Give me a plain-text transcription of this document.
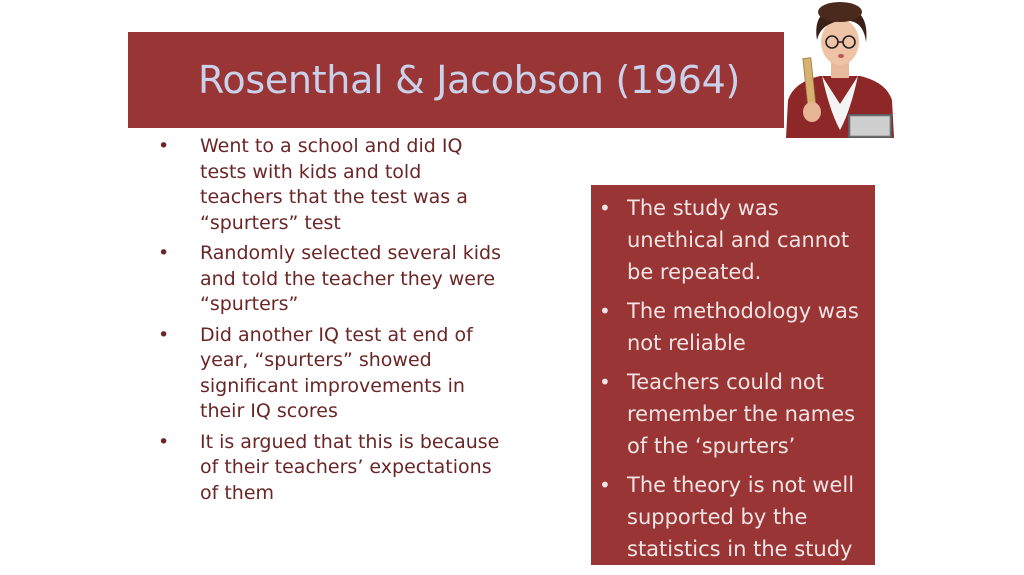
Rosenthal & Jacobson (1964)
• Went to a school and did IQ tests with kids and told teachers that the test was a “spurters” test
• Randomly selected several kids and told the teacher they were “spurters”
• Did another IQ test at end of year, “spurters” showed significant improvements in their IQ scores
• It is argued that this is because of their teachers’ expectations of them
• The study was unethical and cannot be repeated.
• The methodology was not reliable
• Teachers could not remember the names of the ‘spurters’
• The theory is not well supported by the statistics in the study
